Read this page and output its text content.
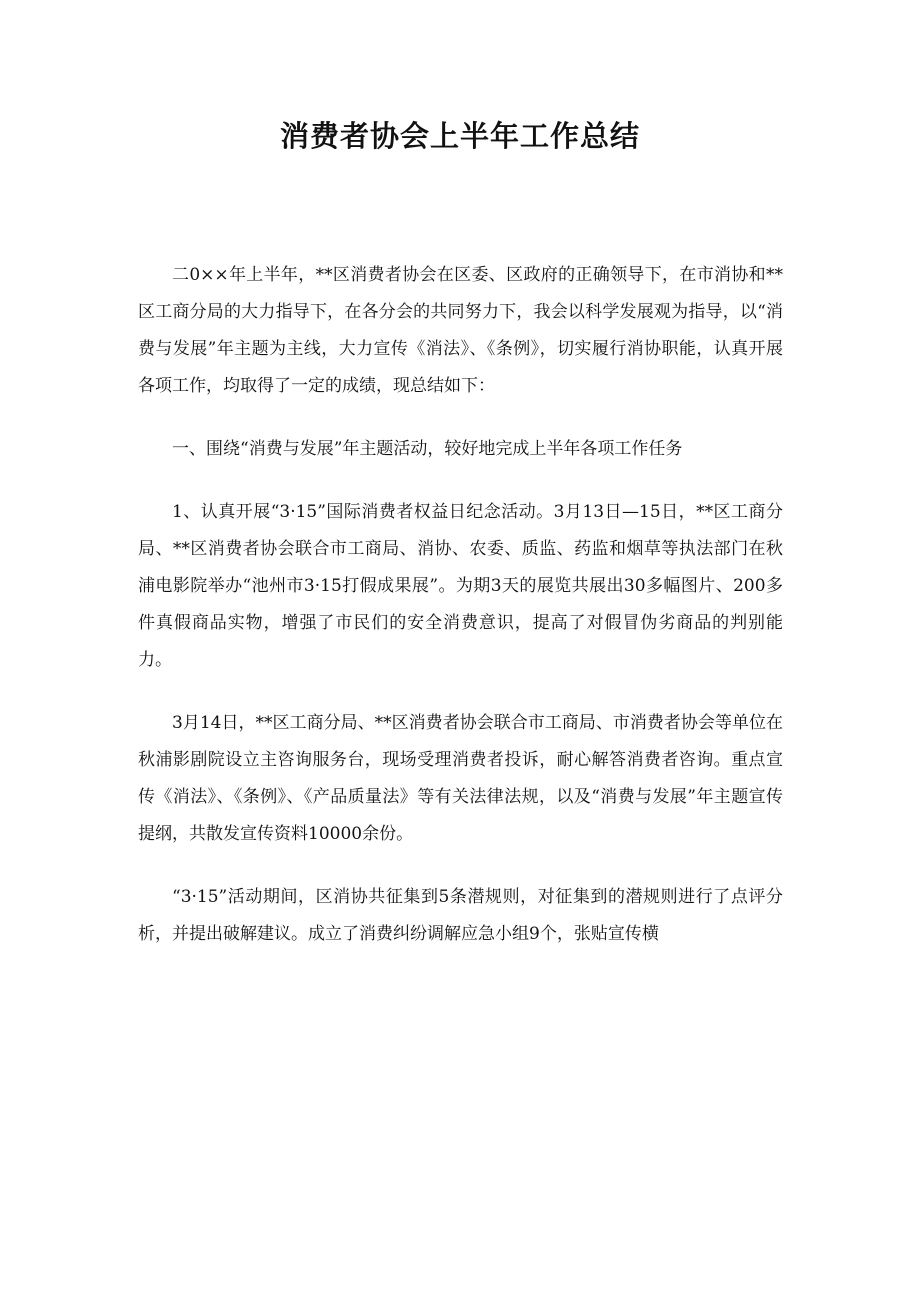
消费者协会上半年工作总结

二0××年上半年，**区消费者协会在区委、区政府的正确领导下，在市消协和**区工商分局的大力指导下，在各分会的共同努力下，我会以科学发展观为指导，以“消费与发展”年主题为主线，大力宣传《消法》、《条例》，切实履行消协职能，认真开展各项工作，均取得了一定的成绩，现总结如下：

一、围绕“消费与发展”年主题活动，较好地完成上半年各项工作任务

1、认真开展“3·15”国际消费者权益日纪念活动。3月13日—15日，**区工商分局、**区消费者协会联合市工商局、消协、农委、质监、药监和烟草等执法部门在秋浦电影院举办“池州市3·15打假成果展”。为期3天的展览共展出30多幅图片、200多件真假商品实物，增强了市民们的安全消费意识，提高了对假冒伪劣商品的判别能力。

3月14日，**区工商分局、**区消费者协会联合市工商局、市消费者协会等单位在秋浦影剧院设立主咨询服务台，现场受理消费者投诉，耐心解答消费者咨询。重点宣传《消法》、《条例》、《产品质量法》等有关法律法规，以及“消费与发展”年主题宣传提纲，共散发宣传资料10000余份。

“3·15”活动期间，区消协共征集到5条潜规则，对征集到的潜规则进行了点评分析，并提出破解建议。成立了消费纠纷调解应急小组9个，张贴宣传横
